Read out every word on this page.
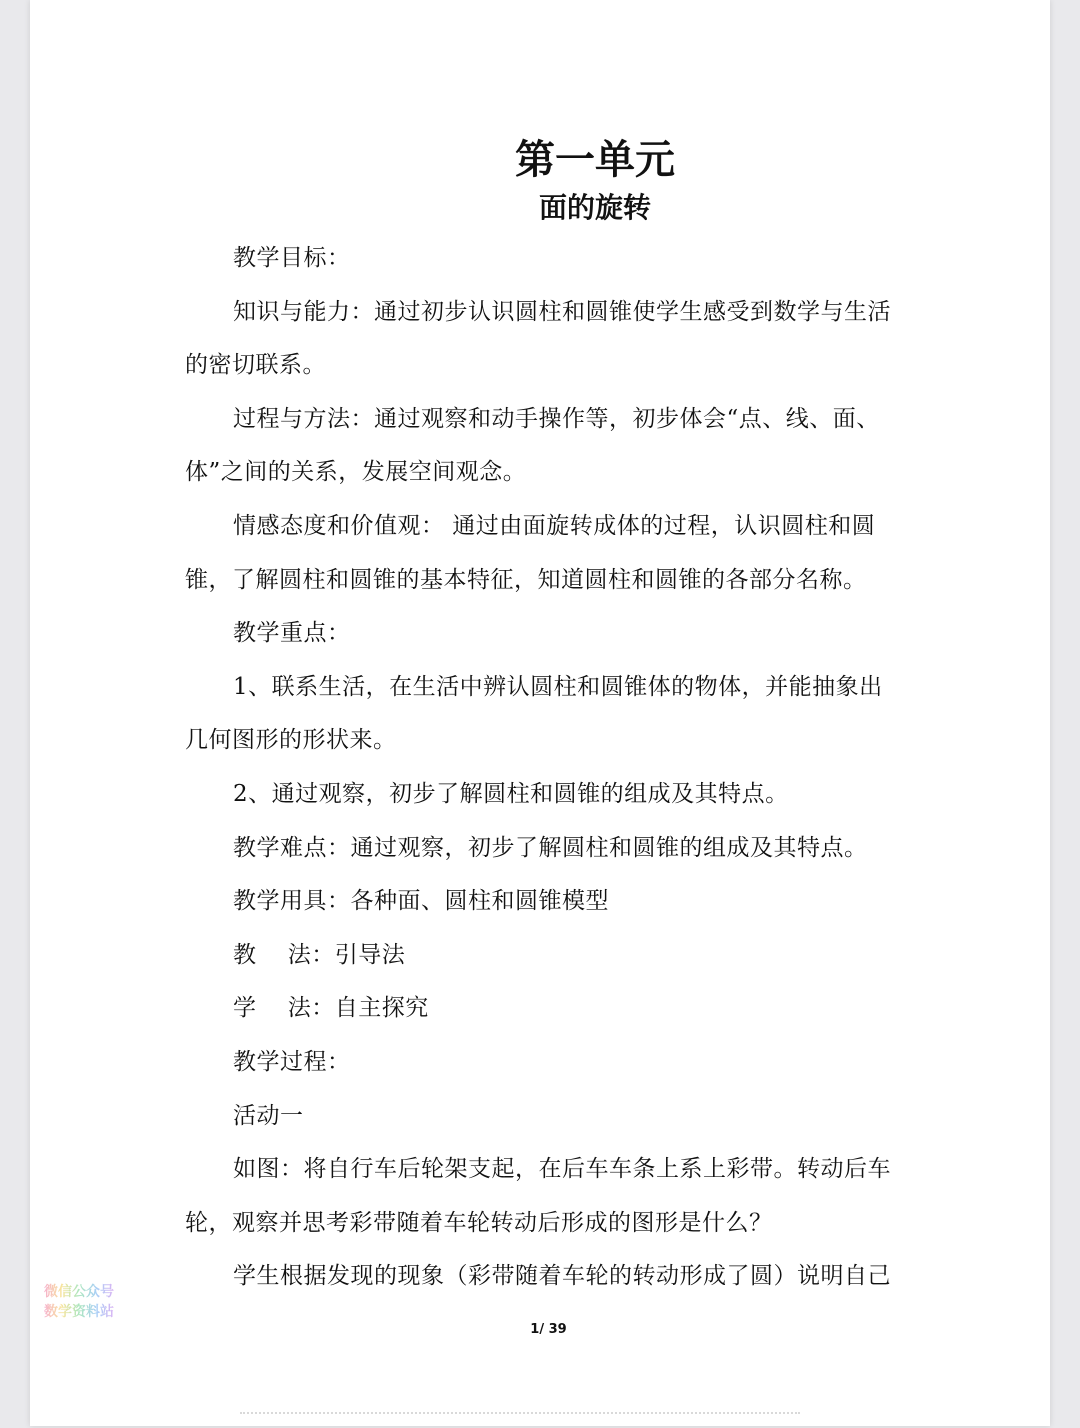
第一单元
面的旋转

教学目标：

知识与能力：通过初步认识圆柱和圆锥使学生感受到数学与生活的密切联系。

过程与方法：通过观察和动手操作等，初步体会“点、线、面、体”之间的关系，发展空间观念。

情感态度和价值观： 通过由面旋转成体的过程，认识圆柱和圆锥，了解圆柱和圆锥的基本特征，知道圆柱和圆锥的各部分名称。

教学重点：

1、联系生活，在生活中辨认圆柱和圆锥体的物体，并能抽象出几何图形的形状来。

2、通过观察，初步了解圆柱和圆锥的组成及其特点。

教学难点：通过观察，初步了解圆柱和圆锥的组成及其特点。

教学用具：各种面、圆柱和圆锥模型

教    法：引导法

学    法：自主探究

教学过程：

活动一

如图：将自行车后轮架支起，在后车车条上系上彩带。转动后车轮，观察并思考彩带随着车轮转动后形成的图形是什么？

学生根据发现的现象（彩带随着车轮的转动形成了圆）说明自己

1/ 39
微信公众号
数学资料站
